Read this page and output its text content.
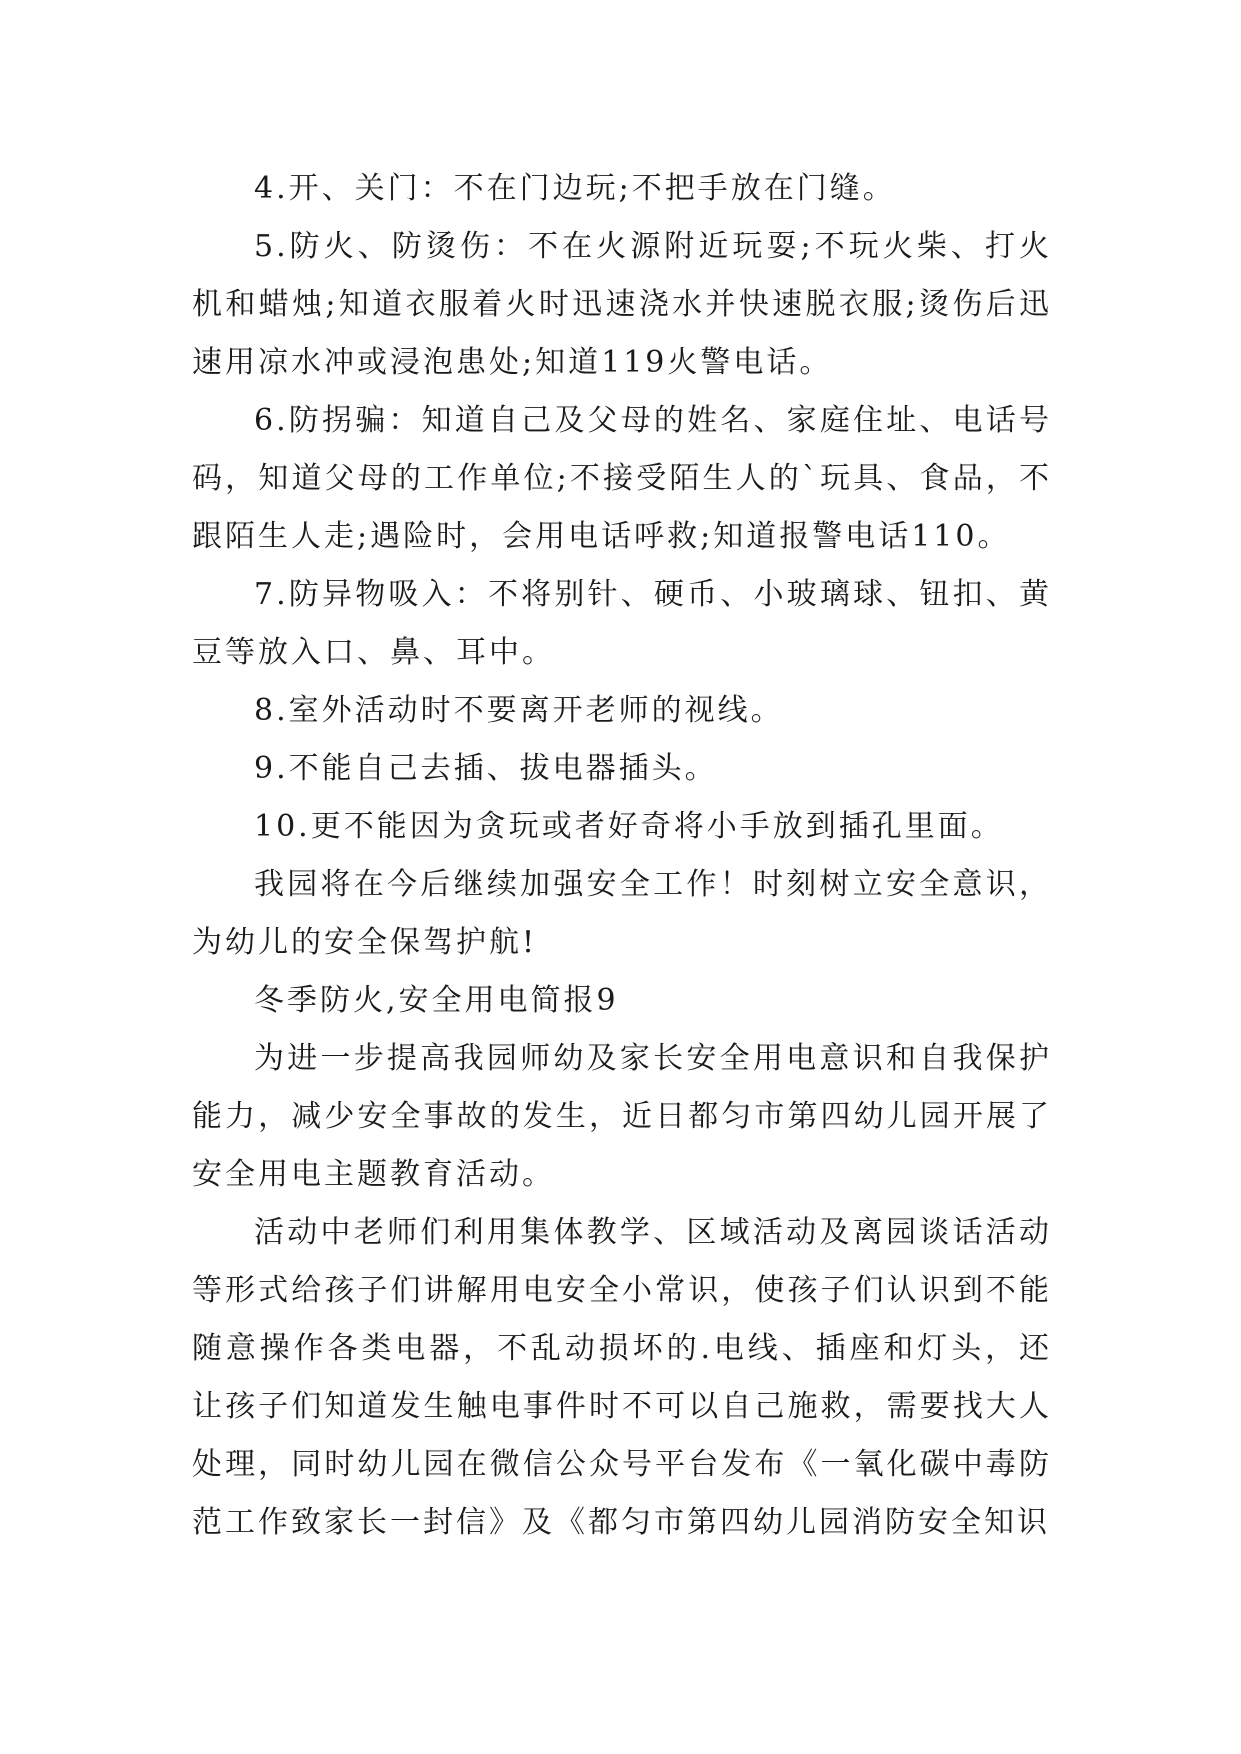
4.开、关门：不在门边玩;不把手放在门缝。

5.防火、防烫伤：不在火源附近玩耍;不玩火柴、打火机和蜡烛;知道衣服着火时迅速浇水并快速脱衣服;烫伤后迅速用凉水冲或浸泡患处;知道119火警电话。

6.防拐骗：知道自己及父母的姓名、家庭住址、电话号码，知道父母的工作单位;不接受陌生人的`玩具、食品，不跟陌生人走;遇险时，会用电话呼救;知道报警电话110。

7.防异物吸入：不将别针、硬币、小玻璃球、钮扣、黄豆等放入口、鼻、耳中。

8.室外活动时不要离开老师的视线。

9.不能自己去插、拔电器插头。

10.更不能因为贪玩或者好奇将小手放到插孔里面。

我园将在今后继续加强安全工作！时刻树立安全意识，为幼儿的安全保驾护航!

冬季防火,安全用电简报9

为进一步提高我园师幼及家长安全用电意识和自我保护能力，减少安全事故的发生，近日都匀市第四幼儿园开展了安全用电主题教育活动。

活动中老师们利用集体教学、区域活动及离园谈话活动等形式给孩子们讲解用电安全小常识，使孩子们认识到不能随意操作各类电器，不乱动损坏的.电线、插座和灯头，还让孩子们知道发生触电事件时不可以自己施救，需要找大人处理，同时幼儿园在微信公众号平台发布《一氧化碳中毒防范工作致家长一封信》及《都匀市第四幼儿园消防安全知识
